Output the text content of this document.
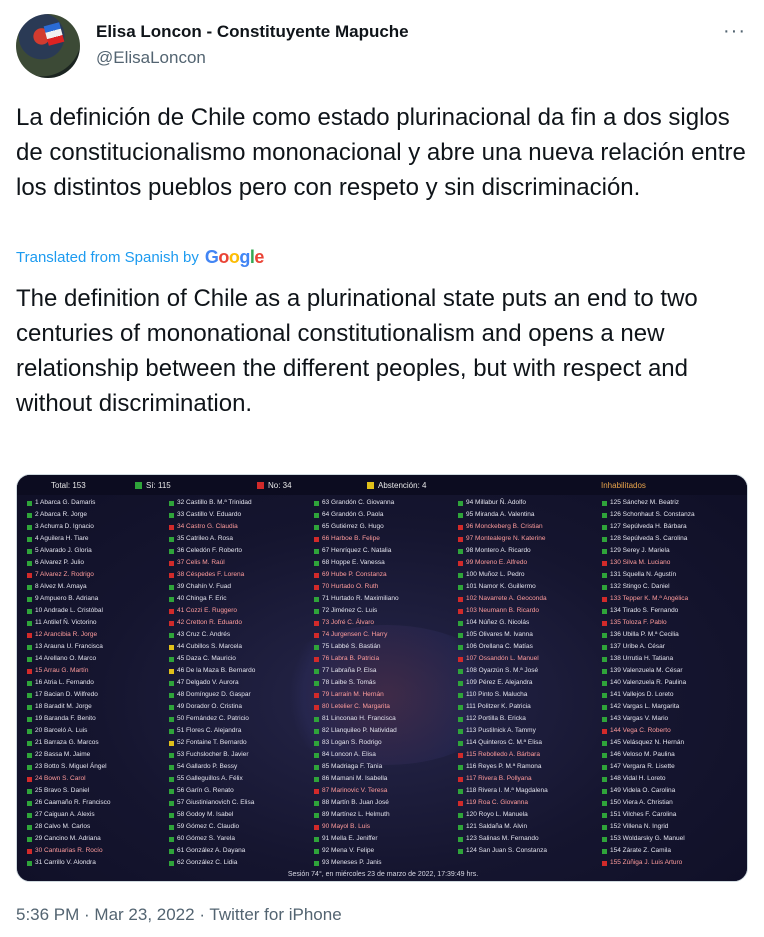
Elisa Loncon - Constituyente Mapuche
@ElisaLoncon
···
La definición de Chile como estado plurinacional da fin a dos siglos de constitucionalismo mononacional y abre una nueva relación entre los distintos pueblos pero con respeto y sin discriminación.
Translated from Spanish by Google
The definition of Chile as a plurinational state puts an end to two centuries of mononational constitutionalism and opens a new relationship between the different peoples, but with respect and without discrimination.
Total: 153	Sí: 115	No: 34	Abstención: 4	Inhabilitados
1 Abarca G. Damaris
2 Abarca R. Jorge
3 Achurra D. Ignacio
4 Aguilera H. Tiare
5 Alvarado J. Gloria
6 Alvarez P. Julio
7 Alvarez Z. Rodrigo
8 Alvez M. Amaya
9 Ampuero B. Adriana
10 Andrade L. Cristóbal
11 Antilef Ñ. Victorino
12 Arancibia R. Jorge
13 Arauna U. Francisca
14 Arellano O. Marco
15 Arrau G. Martín
16 Atria L. Fernando
17 Bacian D. Wilfredo
18 Baradit M. Jorge
19 Baranda F. Benito
20 Barceló A. Luis
21 Barraza G. Marcos
22 Bassa M. Jaime
23 Botto S. Miguel Ángel
24 Bown S. Carol
25 Bravo S. Daniel
26 Caamaño R. Francisco
27 Caiguan A. Alexis
28 Calvo M. Carlos
29 Cancino M. Adriana
30 Cantuarias R. Rocío
31 Carrillo V. Alondra
32 Castillo B. M.ª Trinidad
33 Castillo V. Eduardo
34 Castro G. Claudia
35 Catrileo A. Rosa
36 Celedón F. Roberto
37 Celis M. Raúl
38 Céspedes F. Lorena
39 Chahín V. Fuad
40 Chinga F. Eric
41 Cozzi E. Ruggero
42 Cretton R. Eduardo
43 Cruz C. Andrés
44 Cubillos S. Marcela
45 Daza C. Mauricio
46 De la Maza B. Bernardo
47 Delgado V. Aurora
48 Domínguez D. Gaspar
49 Dorador O. Cristina
50 Fernández C. Patricio
51 Flores C. Alejandra
52 Fontaine T. Bernardo
53 Fuchslocher B. Javier
54 Gallardo P. Bessy
55 Galleguillos A. Félix
56 Garín G. Renato
57 Giustinianovich C. Elisa
58 Godoy M. Isabel
59 Gómez C. Claudio
60 Gómez S. Yarela
61 González A. Dayana
62 González C. Lidia
63 Grandón C. Giovanna
64 Grandón G. Paola
65 Gutiérrez G. Hugo
66 Harboe B. Felipe
67 Henríquez C. Natalia
68 Hoppe E. Vanessa
69 Hube P. Constanza
70 Hurtado O. Ruth
71 Hurtado R. Maximiliano
72 Jiménez C. Luis
73 Jofré C. Álvaro
74 Jurgensen C. Harry
75 Labbé S. Bastián
76 Labra B. Patricia
77 Labraña P. Elsa
78 Laibe S. Tomás
79 Larraín M. Hernán
80 Letelier C. Margarita
81 Linconao H. Francisca
82 Llanquileo P. Natividad
83 Logan S. Rodrigo
84 Loncon A. Elisa
85 Madriaga F. Tania
86 Mamani M. Isabella
87 Marinovic V. Teresa
88 Martín B. Juan José
89 Martínez L. Helmuth
90 Mayol B. Luis
91 Mella E. Jeniffer
92 Mena V. Felipe
93 Meneses P. Janis
94 Millabur Ñ. Adolfo
95 Miranda A. Valentina
96 Monckeberg B. Cristian
97 Montealegre N. Katerine
98 Montero A. Ricardo
99 Moreno E. Alfredo
100 Muñoz L. Pedro
101 Namor K. Guillermo
102 Navarrete A. Geoconda
103 Neumann B. Ricardo
104 Núñez G. Nicolás
105 Olivares M. Ivanna
106 Orellana C. Matías
107 Ossandón L. Manuel
108 Oyarzún S. M.ª José
109 Pérez E. Alejandra
110 Pinto S. Malucha
111 Politzer K. Patricia
112 Portilla B. Ericka
113 Pustilnick A. Tammy
114 Quinteros C. M.ª Elisa
115 Rebolledo A. Bárbara
116 Reyes P. M.ª Ramona
117 Rivera B. Pollyana
118 Rivera I. M.ª Magdalena
119 Roa C. Giovanna
120 Royo L. Manuela
121 Saldaña M. Alvin
123 Salinas M. Fernando
124 San Juan S. Constanza
125 Sánchez M. Beatriz
126 Schonhaut S. Constanza
127 Sepúlveda H. Bárbara
128 Sepúlveda S. Carolina
129 Serey J. Mariela
130 Silva M. Luciano
131 Squella N. Agustín
132 Stingo C. Daniel
133 Tepper K. M.ª Angélica
134 Tirado S. Fernando
135 Toloza F. Pablo
136 Ubilla P. M.ª Cecilia
137 Uribe A. César
138 Urrutia H. Tatiana
139 Valenzuela M. César
140 Valenzuela R. Paulina
141 Vallejos D. Loreto
142 Vargas L. Margarita
143 Vargas V. Mario
144 Vega C. Roberto
145 Velásquez N. Hernán
146 Veloso M. Paulina
147 Vergara R. Lisette
148 Vidal H. Loreto
149 Videla O. Carolina
150 Viera A. Christian
151 Vilches F. Carolina
152 Villena N. Ingrid
153 Woldarsky G. Manuel
154 Zárate Z. Camila
155 Zúñiga J. Luis Arturo
Sesión 74°, en miércoles 23 de marzo de 2022, 17:39:49 hrs.
5:36 PM · Mar 23, 2022 · Twitter for iPhone
